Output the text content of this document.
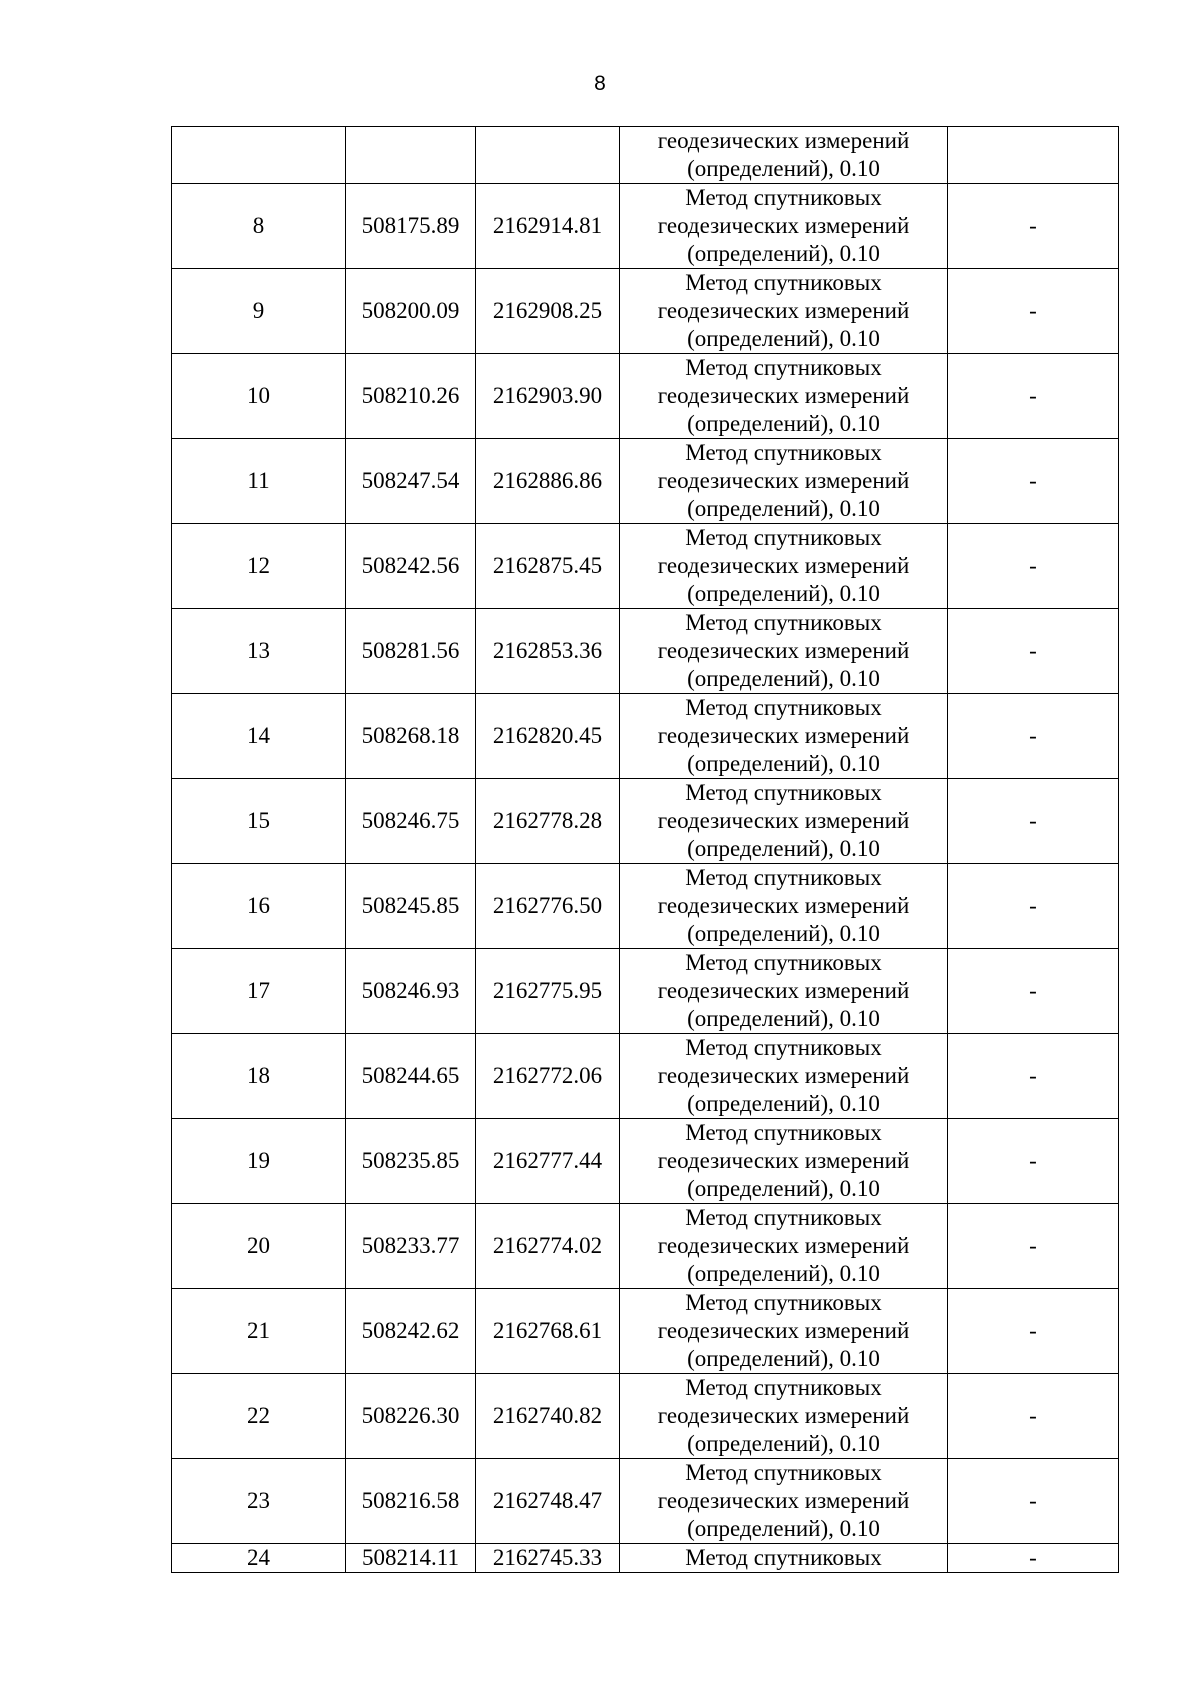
8

			геодезических измерений
(определений), 0.10	

8	508175.89	2162914.81	Метод спутниковых
геодезических измерений
(определений), 0.10	-
9	508200.09	2162908.25	Метод спутниковых
геодезических измерений
(определений), 0.10	-
10	508210.26	2162903.90	Метод спутниковых
геодезических измерений
(определений), 0.10	-
11	508247.54	2162886.86	Метод спутниковых
геодезических измерений
(определений), 0.10	-
12	508242.56	2162875.45	Метод спутниковых
геодезических измерений
(определений), 0.10	-
13	508281.56	2162853.36	Метод спутниковых
геодезических измерений
(определений), 0.10	-
14	508268.18	2162820.45	Метод спутниковых
геодезических измерений
(определений), 0.10	-
15	508246.75	2162778.28	Метод спутниковых
геодезических измерений
(определений), 0.10	-
16	508245.85	2162776.50	Метод спутниковых
геодезических измерений
(определений), 0.10	-
17	508246.93	2162775.95	Метод спутниковых
геодезических измерений
(определений), 0.10	-
18	508244.65	2162772.06	Метод спутниковых
геодезических измерений
(определений), 0.10	-
19	508235.85	2162777.44	Метод спутниковых
геодезических измерений
(определений), 0.10	-
20	508233.77	2162774.02	Метод спутниковых
геодезических измерений
(определений), 0.10	-
21	508242.62	2162768.61	Метод спутниковых
геодезических измерений
(определений), 0.10	-
22	508226.30	2162740.82	Метод спутниковых
геодезических измерений
(определений), 0.10	-
23	508216.58	2162748.47	Метод спутниковых
геодезических измерений
(определений), 0.10	-
24	508214.11	2162745.33	Метод спутниковых	-
